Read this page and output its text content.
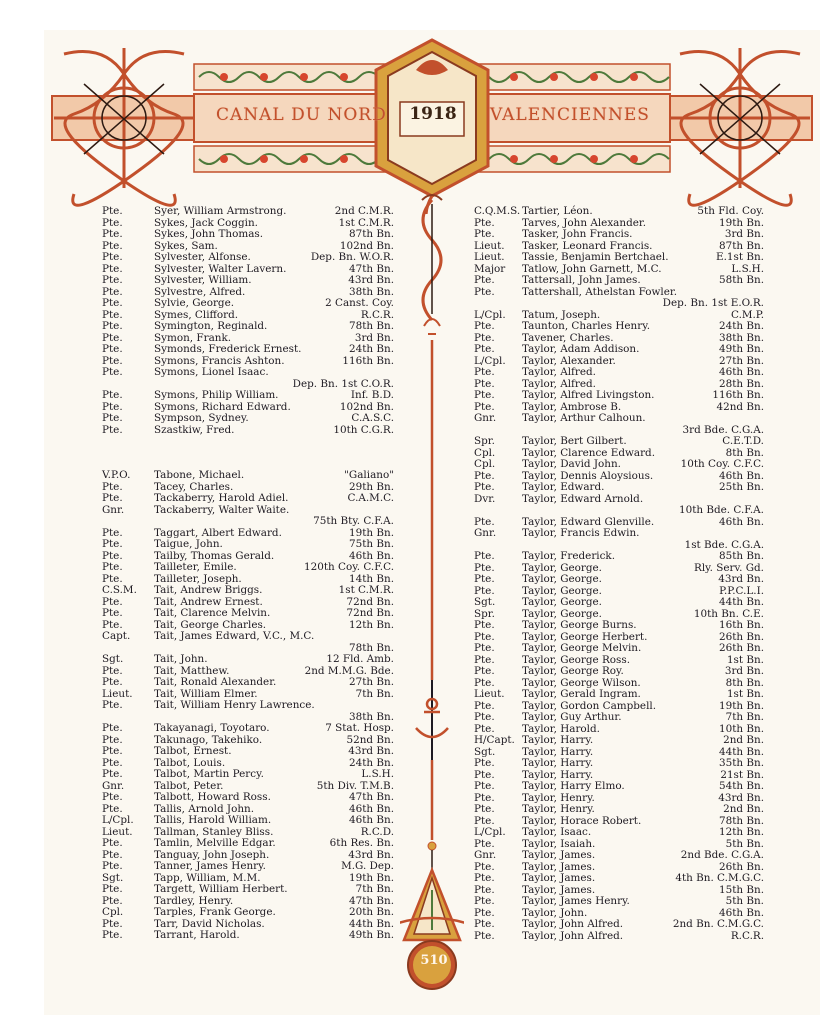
CANAL DU NORD	1918	VALENCIENNES
510
Pte.	Syer, William Armstrong.	2nd C.M.R.
Pte.	Sykes, Jack Coggin.	1st C.M.R.
Pte.	Sykes, John Thomas.	87th Bn.
Pte.	Sykes, Sam.	102nd Bn.
Pte.	Sylvester, Alfonse.	Dep. Bn. W.O.R.
Pte.	Sylvester, Walter Lavern.	47th Bn.
Pte.	Sylvester, William.	43rd Bn.
Pte.	Sylvestre, Alfred.	38th Bn.
Pte.	Sylvie, George.	2 Canst. Coy.
Pte.	Symes, Clifford.	R.C.R.
Pte.	Symington, Reginald.	78th Bn.
Pte.	Symon, Frank.	3rd Bn.
Pte.	Symonds, Frederick Ernest.	24th Bn.
Pte.	Symons, Francis Ashton.	116th Bn.
Pte.	Symons, Lionel Isaac.
Dep. Bn. 1st C.O.R.
Pte.	Symons, Philip William.	Inf. B.D.
Pte.	Symons, Richard Edward.	102nd Bn.
Pte.	Sympson, Sydney.	C.A.S.C.
Pte.	Szastkiw, Fred.	10th C.G.R.
V.P.O. Tabone, Michael.	"Galiano"
Pte.	Tacey, Charles.	29th Bn.
Pte.	Tackaberry, Harold Adiel.	C.A.M.C.
Gnr.	Tackaberry, Walter Waite.
75th Bty. C.F.A.
Pte.	Taggart, Albert Edward.	19th Bn.
Pte.	Taigue, John.	75th Bn.
Pte.	Tailby, Thomas Gerald.	46th Bn.
Pte.	Tailleter, Emile.	120th Coy. C.F.C.
Pte.	Tailleter, Joseph.	14th Bn.
C.S.M. Tait, Andrew Briggs.	1st C.M.R.
Pte.	Tait, Andrew Ernest.	72nd Bn.
Pte.	Tait, Clarence Melvin.	72nd Bn.
Pte.	Tait, George Charles.	12th Bn.
Capt. Tait, James Edward, V.C., M.C.
78th Bn.
Sgt.	Tait, John.	12 Fld. Amb.
Pte.	Tait, Matthew.	2nd M.M.G. Bde.
Pte.	Tait, Ronald Alexander.	27th Bn.
Lieut. Tait, William Elmer.	7th Bn.
Pte.	Tait, William Henry Lawrence.
38th Bn.
Pte.	Takayanagi, Toyotaro.	7 Stat. Hosp.
Pte.	Takunago, Takehiko.	52nd Bn.
Pte.	Talbot, Ernest.	43rd Bn.
Pte.	Talbot, Louis.	24th Bn.
Pte.	Talbot, Martin Percy.	L.S.H.
Gnr.	Talbot, Peter.	5th Div. T.M.B.
Pte.	Talbott, Howard Ross.	47th Bn.
Pte.	Tallis, Arnold John.	46th Bn.
L/Cpl. Tallis, Harold William.	46th Bn.
Lieut. Tallman, Stanley Bliss.	R.C.D.
Pte.	Tamlin, Melville Edgar.	6th Res. Bn.
Pte.	Tanguay, John Joseph.	43rd Bn.
Pte.	Tanner, James Henry.	M.G. Dep.
Sgt.	Tapp, William, M.M.	19th Bn.
Pte.	Targett, William Herbert.	7th Bn.
Pte.	Tardley, Henry.	47th Bn.
Cpl.	Tarples, Frank George.	20th Bn.
Pte.	Tarr, David Nicholas.	44th Bn.
Pte.	Tarrant, Harold.	49th Bn.
C.Q.M.S. Tartier, Léon.	5th Fld. Coy.
Pte.	Tarves, John Alexander.	19th Bn.
Pte.	Tasker, John Francis.	3rd Bn.
Lieut. Tasker, Leonard Francis.	87th Bn.
Lieut. Tassie, Benjamin Bertchael.	E.1st Bn.
Major Tatlow, John Garnett, M.C.	L.S.H.
Pte.	Tattersall, John James.	58th Bn.
Pte.	Tattershall, Athelstan Fowler.
Dep. Bn. 1st E.O.R.
L/Cpl. Tatum, Joseph.	C.M.P.
Pte.	Taunton, Charles Henry.	24th Bn.
Pte.	Tavener, Charles.	38th Bn.
Pte.	Taylor, Adam Addison.	49th Bn.
L/Cpl. Taylor, Alexander.	27th Bn.
Pte.	Taylor, Alfred.	46th Bn.
Pte.	Taylor, Alfred.	28th Bn.
Pte.	Taylor, Alfred Livingston.	116th Bn.
Pte.	Taylor, Ambrose B.	42nd Bn.
Gnr. Taylor, Arthur Calhoun.
3rd Bde. C.G.A.
Spr.	Taylor, Bert Gilbert.	C.E.T.D.
Cpl.	Taylor, Clarence Edward.	8th Bn.
Cpl.	Taylor, David John.	10th Coy. C.F.C.
Pte.	Taylor, Dennis Aloysious.	46th Bn.
Pte.	Taylor, Edward.	25th Bn.
Dvr.	Taylor, Edward Arnold.
10th Bde. C.F.A.
Pte.	Taylor, Edward Glenville.	46th Bn.
Gnr. Taylor, Francis Edwin.
1st Bde. C.G.A.
Pte.	Taylor, Frederick.	85th Bn.
Pte.	Taylor, George.	Rly. Serv. Gd.
Pte.	Taylor, George.	43rd Bn.
Pte.	Taylor, George.	P.P.C.L.I.
Sgt.	Taylor, George.	44th Bn.
Spr.	Taylor, George.	10th Bn. C.E.
Pte.	Taylor, George Burns.	16th Bn.
Pte.	Taylor, George Herbert.	26th Bn.
Pte.	Taylor, George Melvin.	26th Bn.
Pte.	Taylor, George Ross.	1st Bn.
Pte.	Taylor, George Roy.	3rd Bn.
Pte.	Taylor, George Wilson.	8th Bn.
Lieut. Taylor, Gerald Ingram.	1st Bn.
Pte.	Taylor, Gordon Campbell.	19th Bn.
Pte.	Taylor, Guy Arthur.	7th Bn.
Pte.	Taylor, Harold.	10th Bn.
H/Capt. Taylor, Harry.	2nd Bn.
Sgt.	Taylor, Harry.	44th Bn.
Pte.	Taylor, Harry.	35th Bn.
Pte.	Taylor, Harry.	21st Bn.
Pte.	Taylor, Harry Elmo.	54th Bn.
Pte.	Taylor, Henry.	43rd Bn.
Pte.	Taylor, Henry.	2nd Bn.
Pte.	Taylor, Horace Robert.	78th Bn.
L/Cpl. Taylor, Isaac.	12th Bn.
Pte.	Taylor, Isaiah.	5th Bn.
Gnr. Taylor, James.	2nd Bde. C.G.A.
Pte.	Taylor, James.	26th Bn.
Pte.	Taylor, James.	4th Bn. C.M.G.C.
Pte.	Taylor, James.	15th Bn.
Pte.	Taylor, James Henry.	5th Bn.
Pte.	Taylor, John.	46th Bn.
Pte.	Taylor, John Alfred.	2nd Bn. C.M.G.C.
Pte.	Taylor, John Alfred.	R.C.R.
